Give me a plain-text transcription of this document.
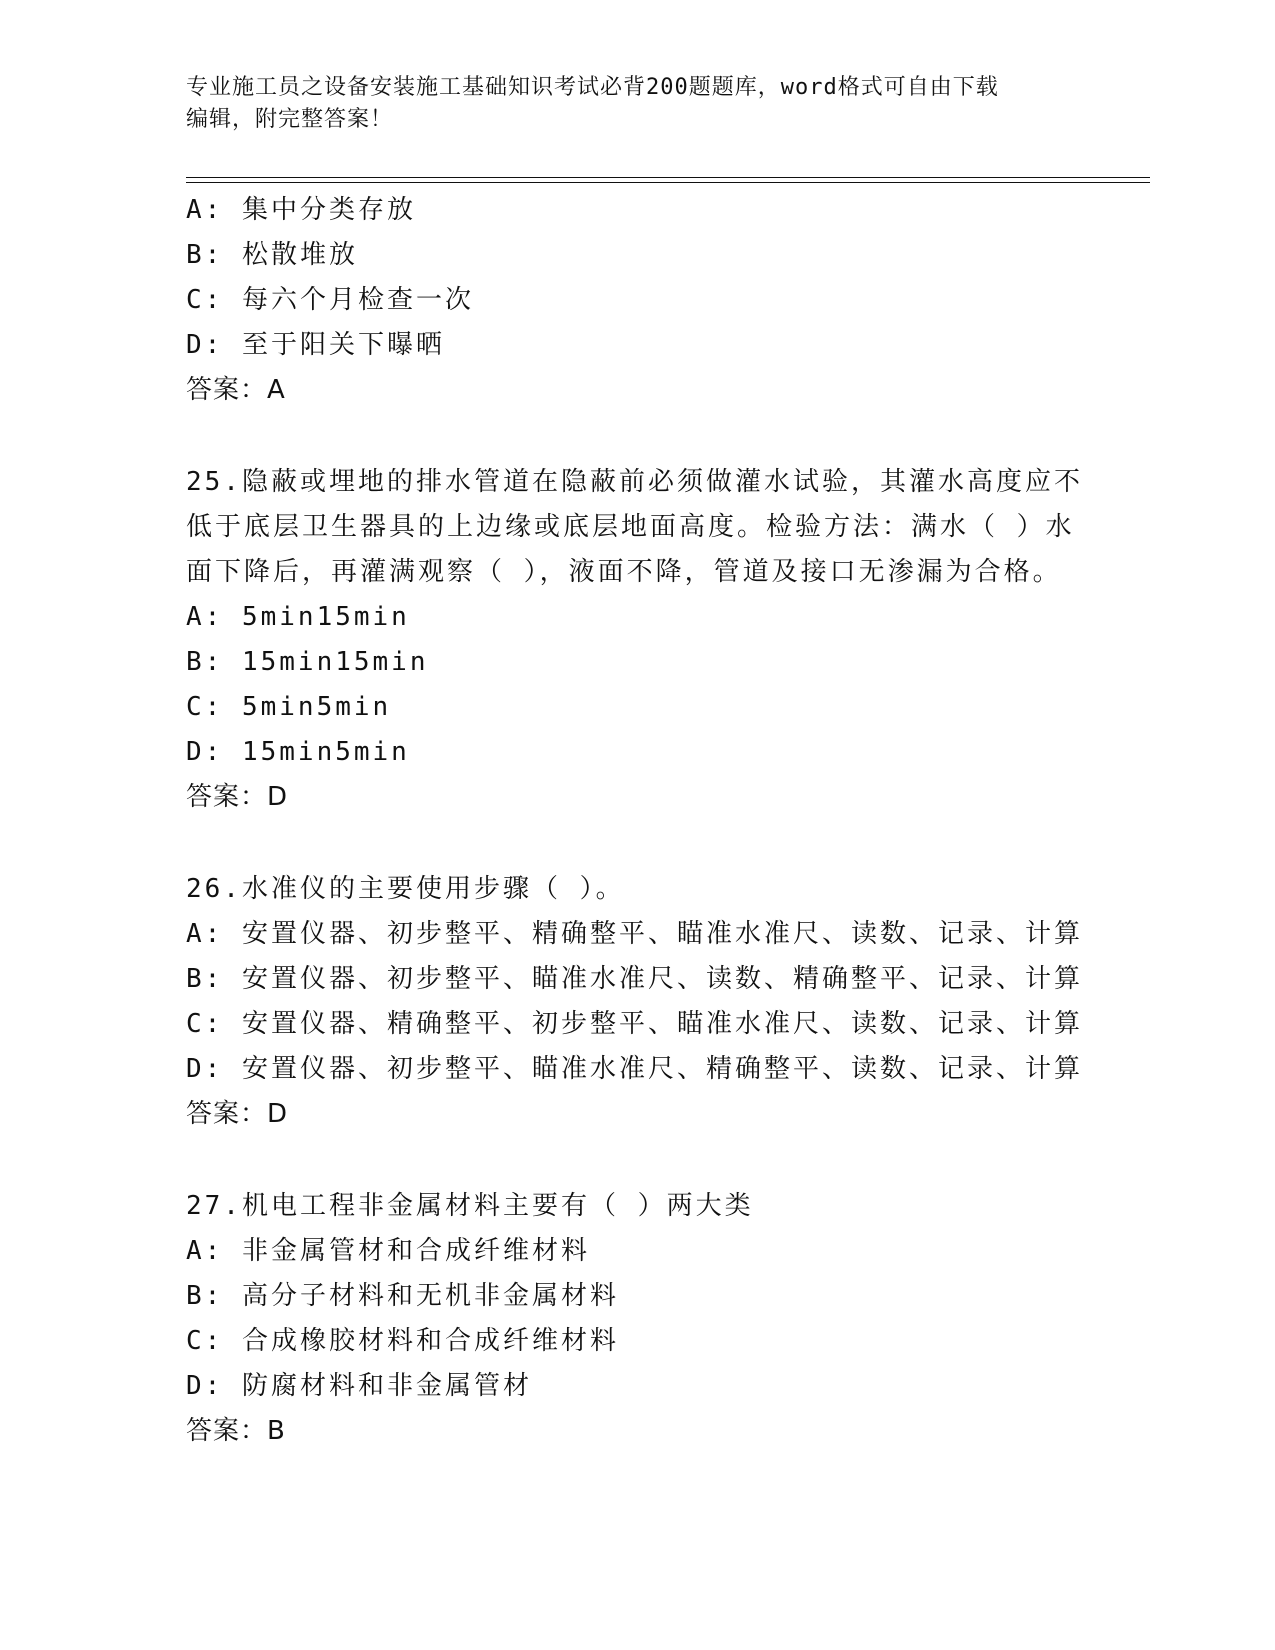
专业施工员之设备安装施工基础知识考试必背200题题库，word格式可自由下载
编辑，附完整答案！
A: 集中分类存放
B: 松散堆放
C: 每六个月检查一次
D: 至于阳关下曝晒
答案：A
25.隐蔽或埋地的排水管道在隐蔽前必须做灌水试验，其灌水高度应不
低于底层卫生器具的上边缘或底层地面高度。检验方法：满水（ ）水
面下降后，再灌满观察（ ），液面不降，管道及接口无渗漏为合格。
A: 5min15min
B: 15min15min
C: 5min5min
D: 15min5min
答案：D
26.水准仪的主要使用步骤（ ）。
A: 安置仪器、初步整平、精确整平、瞄准水准尺、读数、记录、计算
B: 安置仪器、初步整平、瞄准水准尺、读数、精确整平、记录、计算
C: 安置仪器、精确整平、初步整平、瞄准水准尺、读数、记录、计算
D: 安置仪器、初步整平、瞄准水准尺、精确整平、读数、记录、计算
答案：D
27.机电工程非金属材料主要有（ ）两大类
A: 非金属管材和合成纤维材料
B: 高分子材料和无机非金属材料
C: 合成橡胶材料和合成纤维材料
D: 防腐材料和非金属管材
答案：B
